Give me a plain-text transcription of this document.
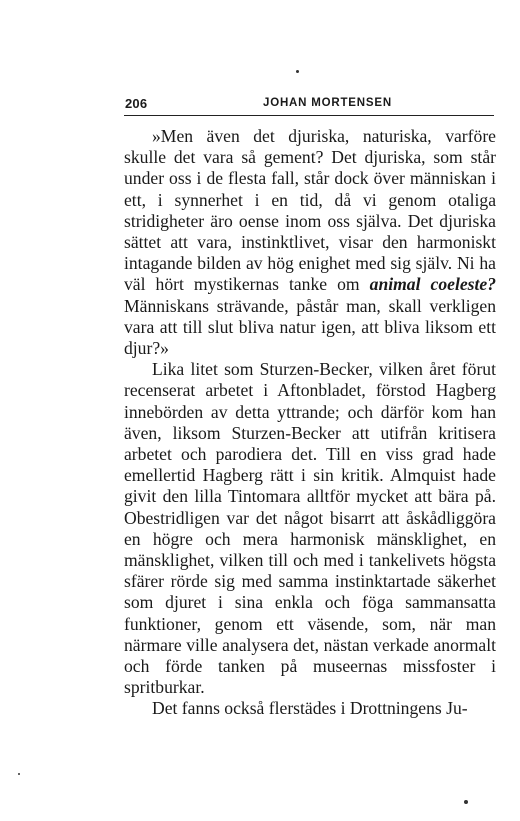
206	JOHAN MORTENSEN

»Men även det djuriska, naturiska, varföre skulle det vara så gement? Det djuriska, som står under oss i de flesta fall, står dock över människan i ett, i synnerhet i en tid, då vi genom otaliga stridigheter äro oense inom oss själva. Det djuriska sättet att vara, instinktlivet, visar den harmoniskt intagande bilden av hög enighet med sig själv. Ni ha väl hört mystikernas tanke om animal coeleste? Människans strävande, påstår man, skall verkligen vara att till slut bliva natur igen, att bliva liksom ett djur?»

Lika litet som Sturzen-Becker, vilken året förut recenserat arbetet i Aftonbladet, förstod Hagberg innebörden av detta yttrande; och därför kom han även, liksom Sturzen-Becker att utifrån kritisera arbetet och parodiera det. Till en viss grad hade emellertid Hagberg rätt i sin kritik. Almquist hade givit den lilla Tintomara alltför mycket att bära på. Obestridligen var det något bisarrt att åskådliggöra en högre och mera harmonisk mänsklighet, en mänsklighet, vilken till och med i tankelivets högsta sfärer rörde sig med samma instinktartade säkerhet som djuret i sina enkla och föga sammansatta funktioner, genom ett väsende, som, när man närmare ville analysera det, nästan verkade anormalt och förde tanken på museernas missfoster i spritburkar.

Det fanns också flerstädes i Drottningens Ju-
